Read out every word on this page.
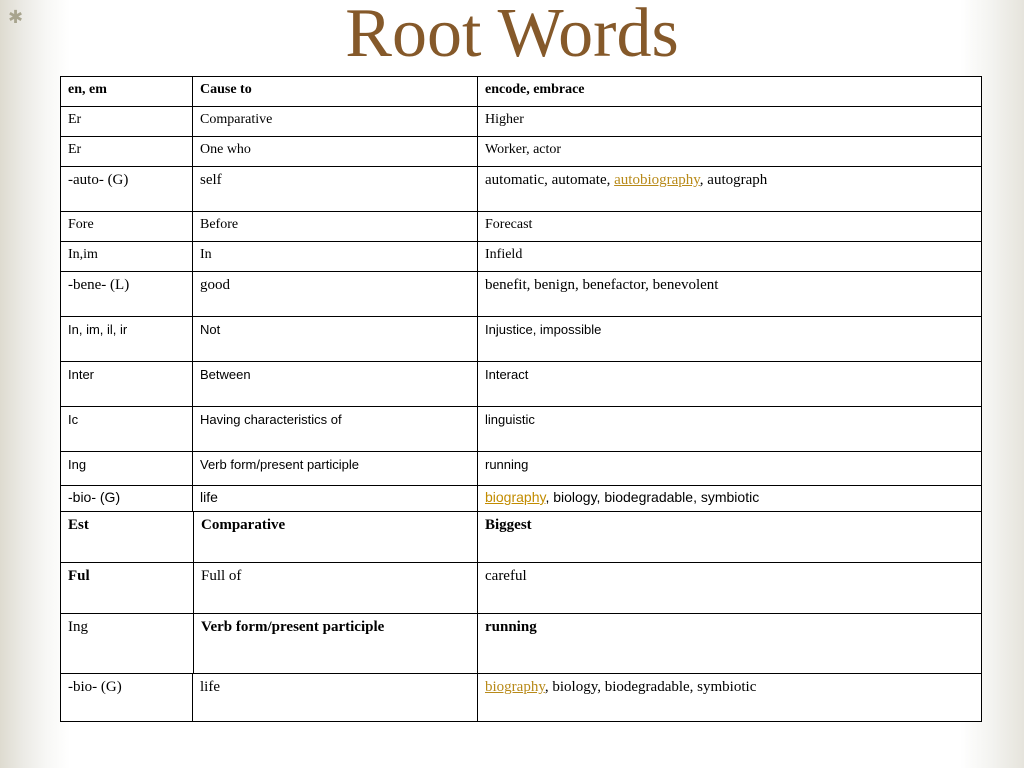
✱	Root Words
en, em	Cause to	encode, embrace
Er	Comparative	Higher
Er	One who	Worker, actor
-auto- (G)	self	automatic, automate, autobiography, autograph
Fore	Before	Forecast
In,im	In	Infield
-bene- (L)	good	benefit, benign, benefactor, benevolent
In, im, il, ir	Not	Injustice, impossible
Inter	Between	Interact
Ic	Having characteristics of	linguistic
Ing	Verb form/present participle	running
-bio- (G)	life	biography, biology, biodegradable, symbiotic
Est	Comparative	Biggest
Ful	Full of	careful
Ing	Verb form/present participle	running
-bio- (G)	life	biography, biology, biodegradable, symbiotic
